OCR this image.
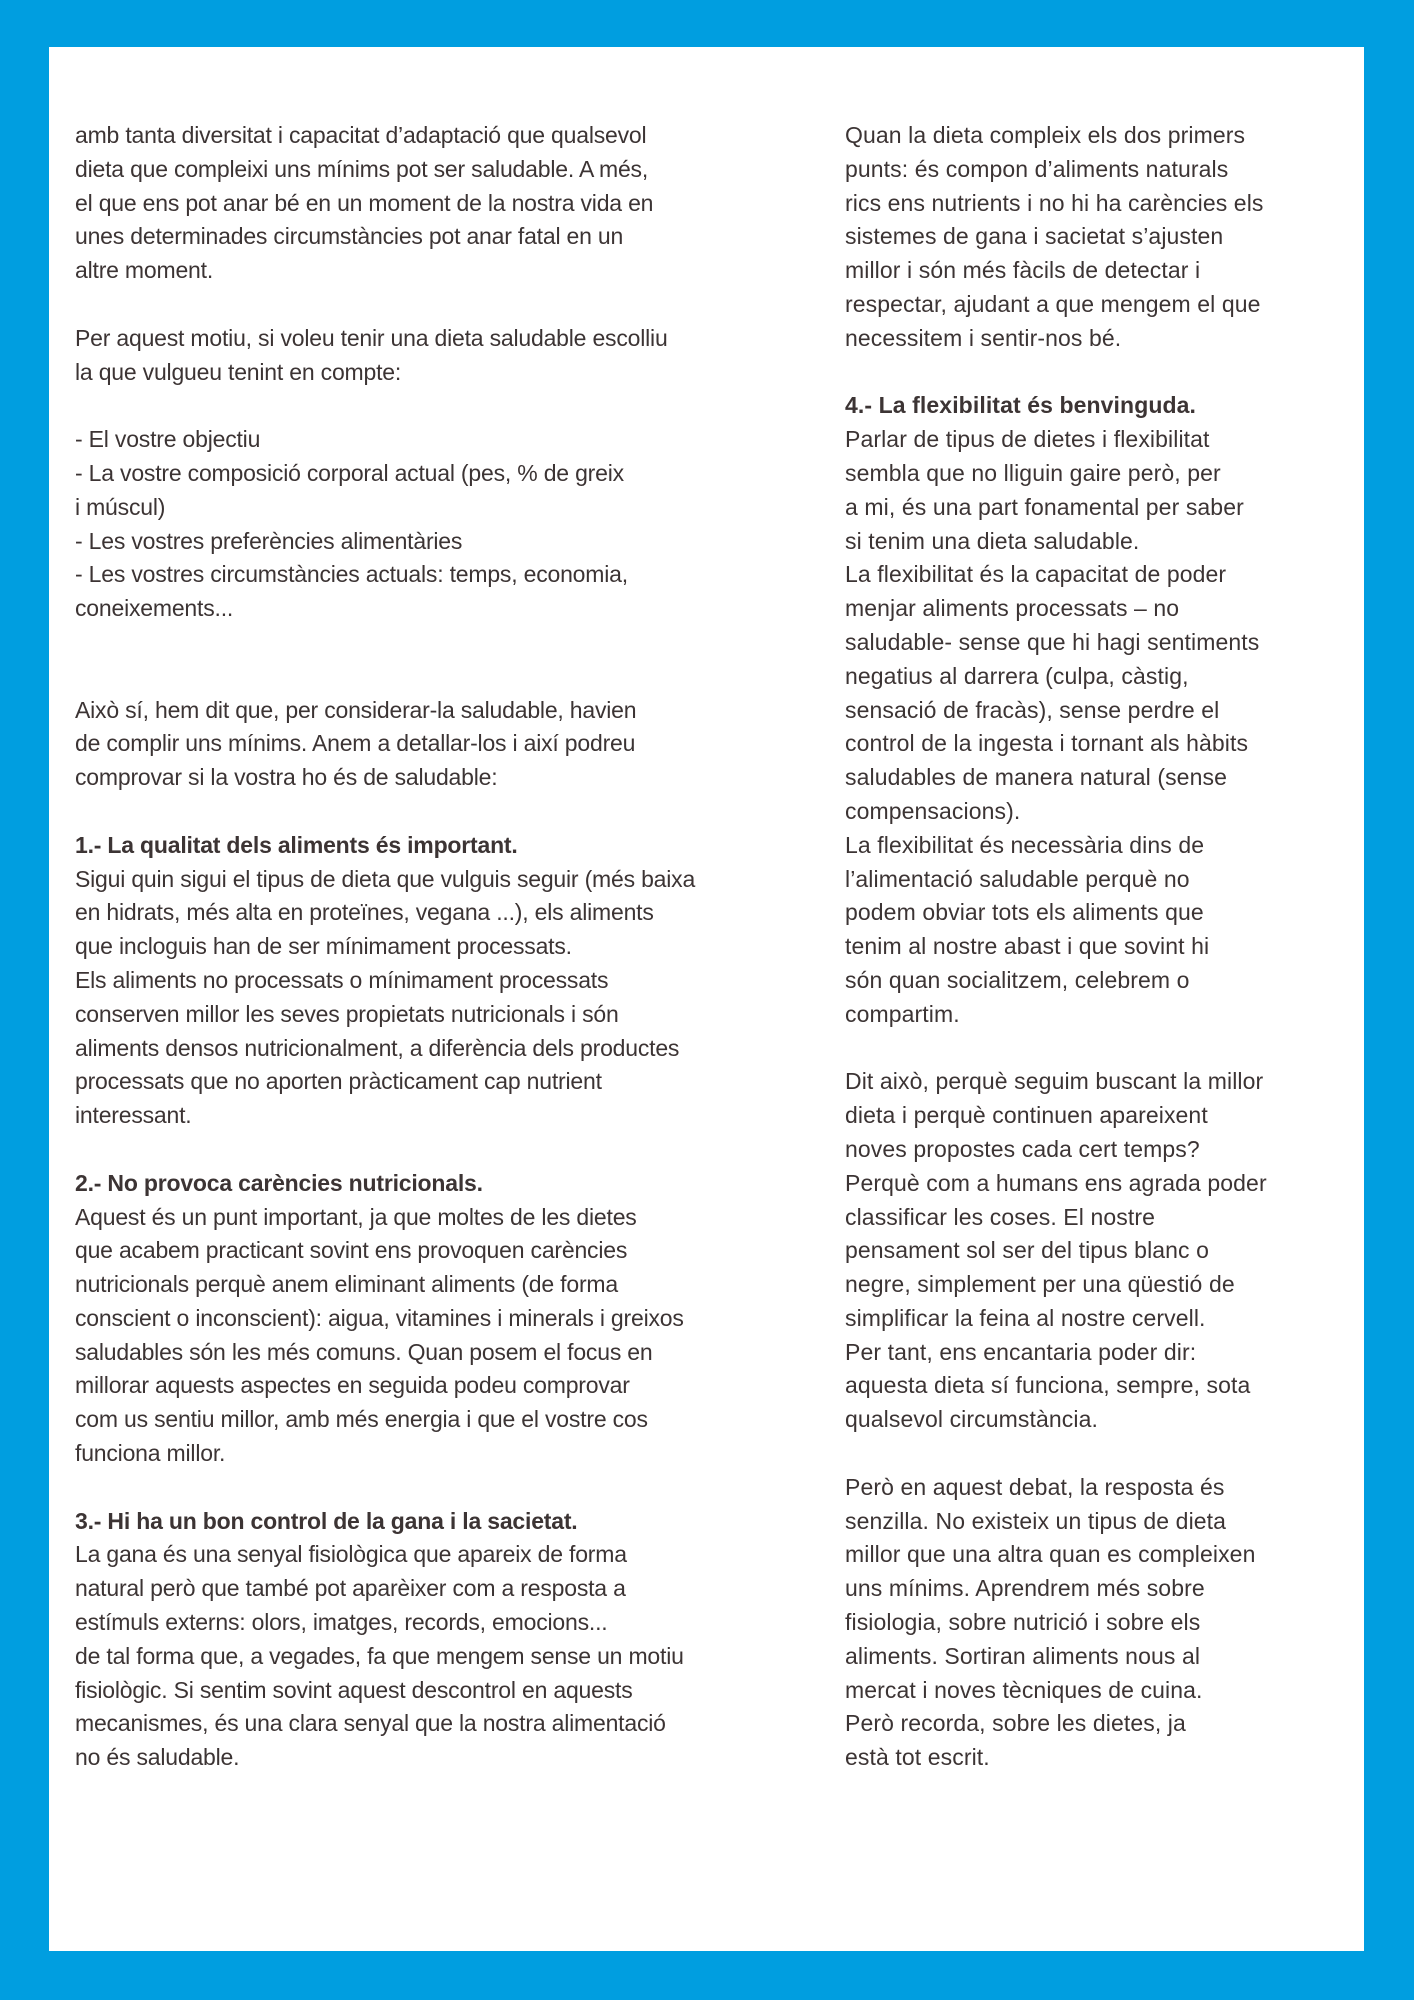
amb tanta diversitat i capacitat d’adaptació que qualsevol
dieta que compleixi uns mínims pot ser saludable. A més,
el que ens pot anar bé en un moment de la nostra vida en
unes determinades circumstàncies pot anar fatal en un
altre moment.
Per aquest motiu, si voleu tenir una dieta saludable escolliu
la que vulgueu tenint en compte:
- El vostre objectiu
- La vostre composició corporal actual (pes, % de greix
i múscul)
- Les vostres preferències alimentàries
- Les vostres circumstàncies actuals: temps, economia,
coneixements...
Això sí, hem dit que, per considerar-la saludable, havien
de complir uns mínims. Anem a detallar-los i així podreu
comprovar si la vostra ho és de saludable:
1.- La qualitat dels aliments és important.
Sigui quin sigui el tipus de dieta que vulguis seguir (més baixa
en hidrats, més alta en proteïnes, vegana ...), els aliments
que incloguis han de ser mínimament processats.
Els aliments no processats o mínimament processats
conserven millor les seves propietats nutricionals i són
aliments densos nutricionalment, a diferència dels productes
processats que no aporten pràcticament cap nutrient
interessant.
2.- No provoca carències nutricionals.
Aquest és un punt important, ja que moltes de les dietes
que acabem practicant sovint ens provoquen carències
nutricionals perquè anem eliminant aliments (de forma
conscient o inconscient): aigua, vitamines i minerals i greixos
saludables són les més comuns. Quan posem el focus en
millorar aquests aspectes en seguida podeu comprovar
com us sentiu millor, amb més energia i que el vostre cos
funciona millor.
3.- Hi ha un bon control de la gana i la sacietat.
La gana és una senyal fisiològica que apareix de forma
natural però que també pot aparèixer com a resposta a
estímuls externs: olors, imatges, records, emocions...
de tal forma que, a vegades, fa que mengem sense un motiu
fisiològic. Si sentim sovint aquest descontrol en aquests
mecanismes, és una clara senyal que la nostra alimentació
no és saludable.
Quan la dieta compleix els dos primers
punts: és compon d’aliments naturals
rics ens nutrients i no hi ha carències els
sistemes de gana i sacietat s’ajusten
millor i són més fàcils de detectar i
respectar, ajudant a que mengem el que
necessitem i sentir-nos bé.
4.- La flexibilitat és benvinguda.
Parlar de tipus de dietes i flexibilitat
sembla que no lliguin gaire però, per
a mi, és una part fonamental per saber
si tenim una dieta saludable.
La flexibilitat és la capacitat de poder
menjar aliments processats – no
saludable- sense que hi hagi sentiments
negatius al darrera (culpa, càstig,
sensació de fracàs), sense perdre el
control de la ingesta i tornant als hàbits
saludables de manera natural (sense
compensacions).
La flexibilitat és necessària dins de
l’alimentació saludable perquè no
podem obviar tots els aliments que
tenim al nostre abast i que sovint hi
són quan socialitzem, celebrem o
compartim.
Dit això, perquè seguim buscant la millor
dieta i perquè continuen apareixent
noves propostes cada cert temps?
Perquè com a humans ens agrada poder
classificar les coses. El nostre
pensament sol ser del tipus blanc o
negre, simplement per una qüestió de
simplificar la feina al nostre cervell.
Per tant, ens encantaria poder dir:
aquesta dieta sí funciona, sempre, sota
qualsevol circumstància.
Però en aquest debat, la resposta és
senzilla. No existeix un tipus de dieta
millor que una altra quan es compleixen
uns mínims. Aprendrem més sobre
fisiologia, sobre nutrició i sobre els
aliments. Sortiran aliments nous al
mercat i noves tècniques de cuina.
Però recorda, sobre les dietes, ja
està tot escrit.
